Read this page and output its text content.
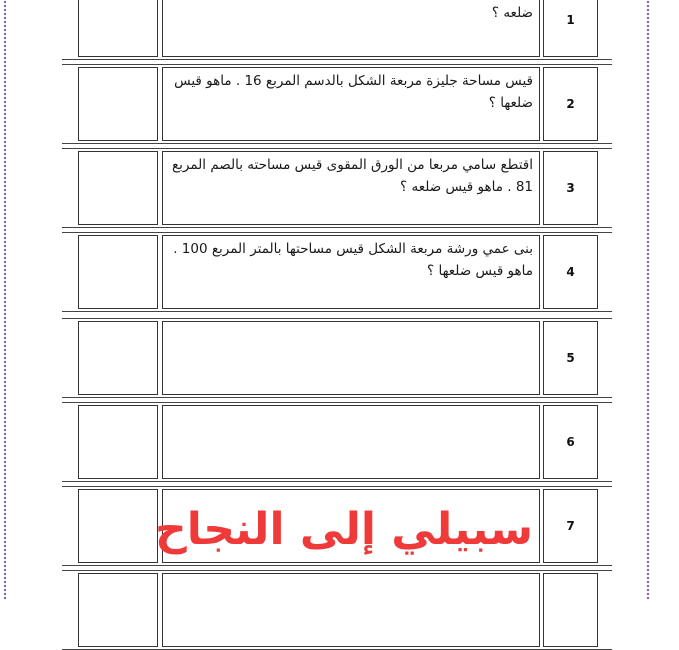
ضلعه ؟	1
قيس مساحة جليزة مربعة الشكل بالدسم المربع 16 . ماهو قيس ضلعها ؟	2
اقتطع سامي مربعا من الورق المقوى قيس مساحته بالصم المربع 81 . ماهو قيس ضلعه ؟	3
بنى عمي ورشة مربعة الشكل قيس مساحتها بالمتر المربع 100 . ماهو قيس ضلعها ؟	4
5
6
7
سبيلي إلى النجاح
